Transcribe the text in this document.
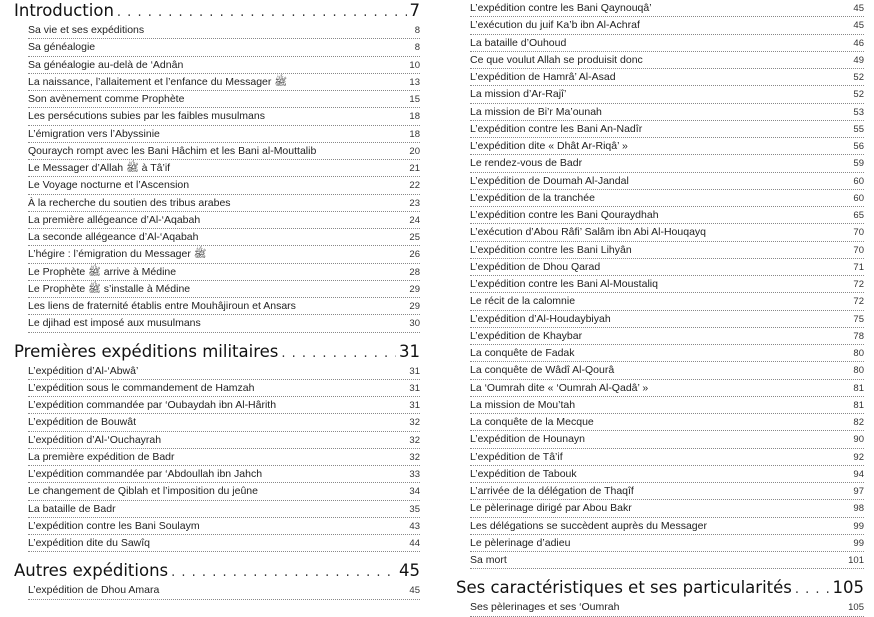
Introduction . . .	7
Sa vie et ses expéditions	8
Sa généalogie	8
Sa généalogie au-delà de ‘Adnân	10
La naissance, l’allaitement et l’enfance du Messager ﷺ	13
Son avènement comme Prophète	15
Les persécutions subies par les faibles musulmans	18
L’émigration vers l’Abyssinie	18
Qouraych rompt avec les Bani Hâchim et les Bani al-Mouttalib	20
Le Messager d’Allah ﷺ à Tâ’if	21
Le Voyage nocturne et l’Ascension	22
À la recherche du soutien des tribus arabes	23
La première allégeance d’Al-‘Aqabah	24
La seconde allégeance d’Al-‘Aqabah	25
L’hégire : l’émigration du Messager ﷺ	26
Le Prophète ﷺ arrive à Médine	28
Le Prophète ﷺ s’installe à Médine	29
Les liens de fraternité établis entre Mouhâjiroun et Ansars	29
Le djihad est imposé aux musulmans	30
Premières expéditions militaires . . .	31
L’expédition d’Al-‘Abwâ’	31
L’expédition sous le commandement de Hamzah	31
L’expédition commandée par ‘Oubaydah ibn Al-Hârith	31
L’expédition de Bouwât	32
L’expédition d’Al-‘Ouchayrah	32
La première expédition de Badr	32
L’expédition commandée par ‘Abdoullah ibn Jahch	33
Le changement de Qiblah et l’imposition du jeûne	34
La bataille de Badr	35
L’expédition contre les Bani Soulaym	43
L’expédition dite du Sawîq	44
Autres expéditions . . .	45
L’expédition de Dhou Amara	45
L’expédition contre les Bani Qaynouqâ’	45
L’exécution du juif Ka’b ibn Al-Achraf	45
La bataille d’Ouhoud	46
Ce que voulut Allah se produisit donc	49
L’expédition de Hamrâ’ Al-Asad	52
La mission d’Ar-Rajî’	52
La mission de Bi’r Ma’ounah	53
L’expédition contre les Bani An-Nadîr	55
L’expédition dite « Dhât Ar-Riqâ’ »	56
Le rendez-vous de Badr	59
L’expédition de Doumah Al-Jandal	60
L’expédition de la tranchée	60
L’expédition contre les Bani Qouraydhah	65
L’exécution d’Abou Râfi’ Salâm ibn Abi Al-Houqayq	70
L’expédition contre les Bani Lihyân	70
L’expédition de Dhou Qarad	71
L’expédition contre les Bani Al-Moustaliq	72
Le récit de la calomnie	72
L’expédition d’Al-Houdaybiyah	75
L’expédition de Khaybar	78
La conquête de Fadak	80
La conquête de Wâdî Al-Qourâ	80
La ‘Oumrah dite « ‘Oumrah Al-Qadâ’ »	81
La mission de Mou’tah	81
La conquête de la Mecque	82
L’expédition de Hounayn	90
L’expédition de Tâ’if	92
L’expédition de Tabouk	94
L’arrivée de la délégation de Thaqîf	97
Le pèlerinage dirigé par Abou Bakr	98
Les délégations se succèdent auprès du Messager	99
Le pèlerinage d’adieu	99
Sa mort	101
Ses caractéristiques et ses particularités . . . 105
Ses pèlerinages et ses ‘Oumrah	105
